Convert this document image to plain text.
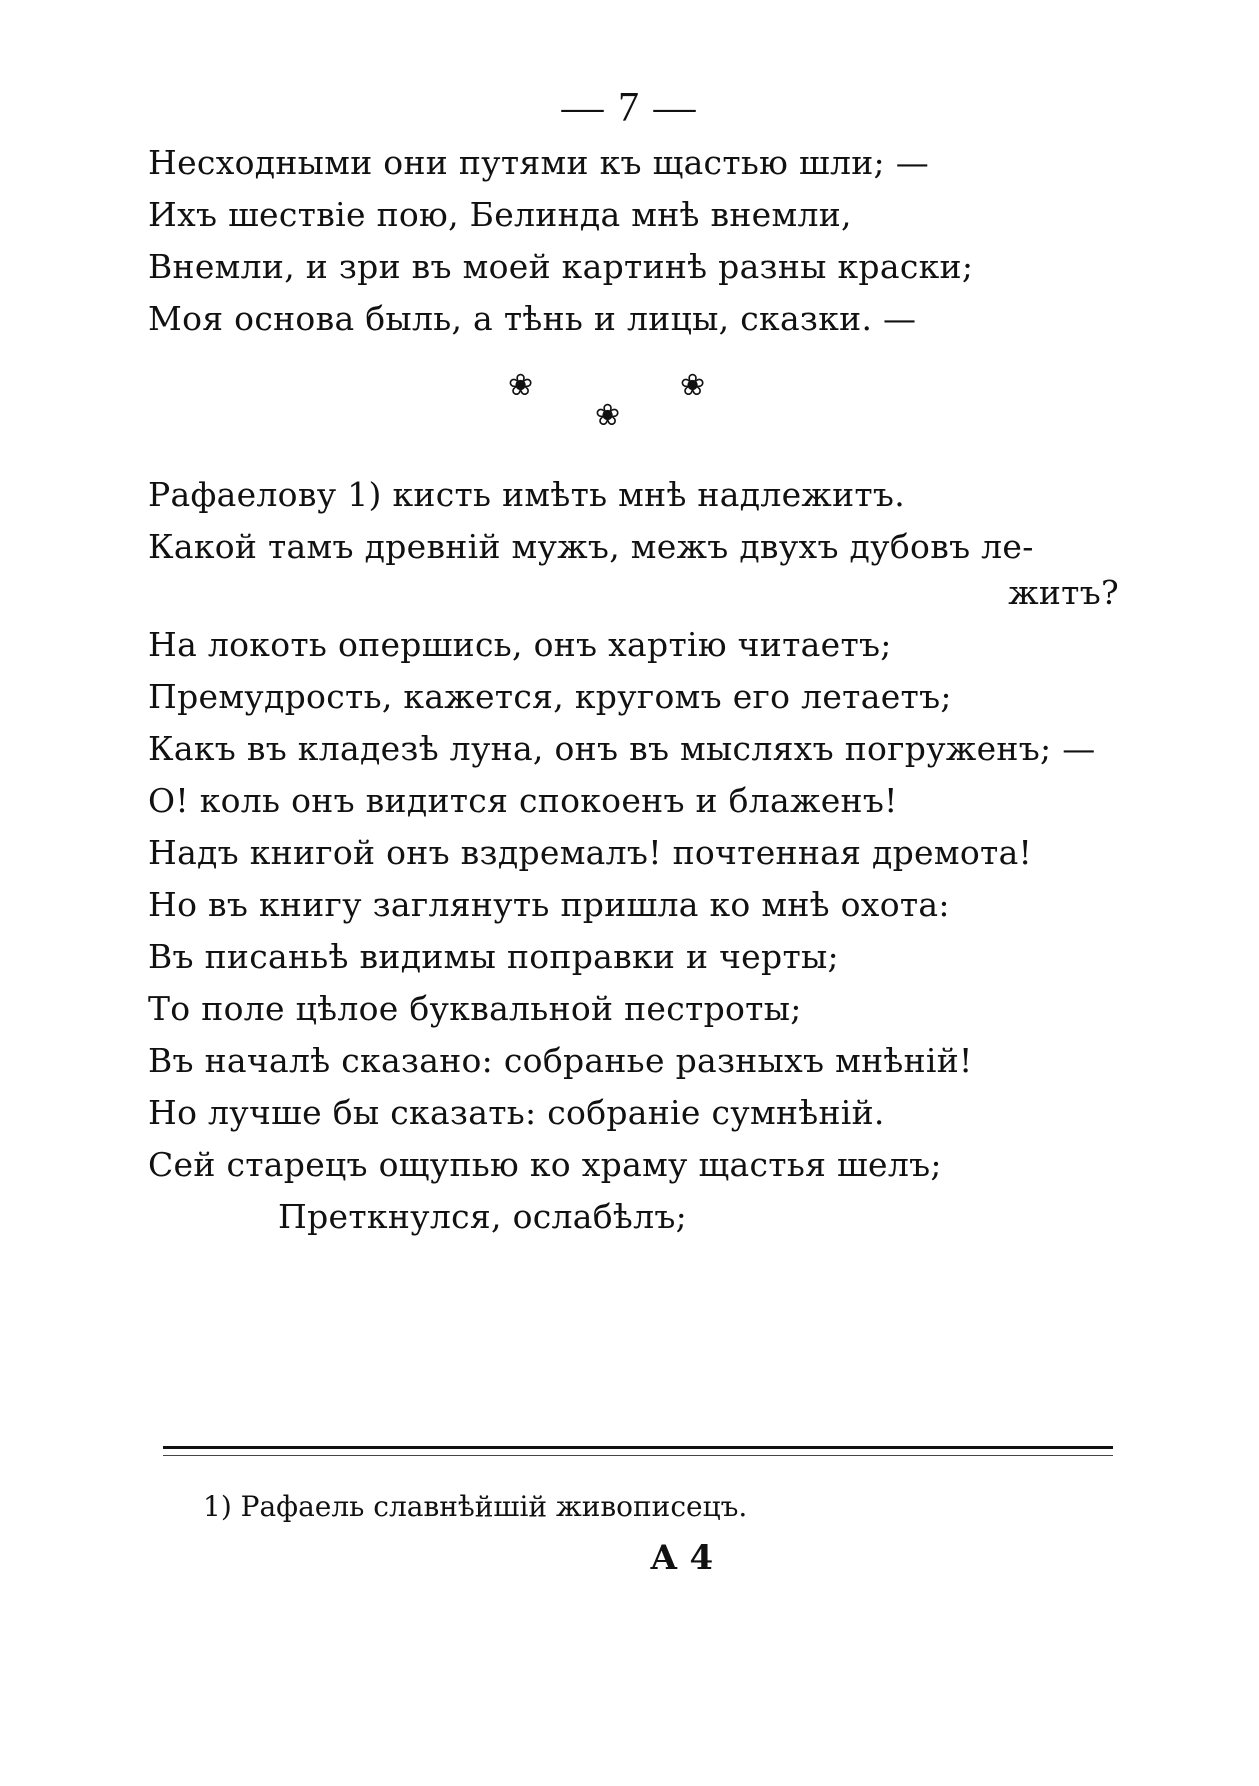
— 7 —
Несходными они путями къ щастью шли; —
Ихъ шествіе пою, Белинда мнѣ внемли,
Внемли, и зри въ моей картинѣ разны краски;
Моя основа быль, а тѣнь и лицы, сказки. —
❀	❀
❀
Рафаелову 1) кисть имѣть мнѣ надлежитъ.
Какой тамъ древній мужъ, межъ двухъ дубовъ ле-
житъ?
На локоть опершись, онъ хартію читаетъ;
Премудрость, кажется, кругомъ его летаетъ;
Какъ въ кладезѣ луна, онъ въ мысляхъ погруженъ; —
О! коль онъ видится спокоенъ и блаженъ!
Надъ книгой онъ вздремалъ! почтенная дремота!
Но въ книгу заглянуть пришла ко мнѣ охота:
Въ писаньѣ видимы поправки и черты;
То поле цѣлое буквальной пестроты;
Въ началѣ сказано: собранье разныхъ мнѣній!
Но лучше бы сказать: собраніе сумнѣній.
Сей старецъ ощупью ко храму щастья шелъ;
Преткнулся, ослабѣлъ;
1) Рафаель славнѣйшій живописецъ.
А 4
